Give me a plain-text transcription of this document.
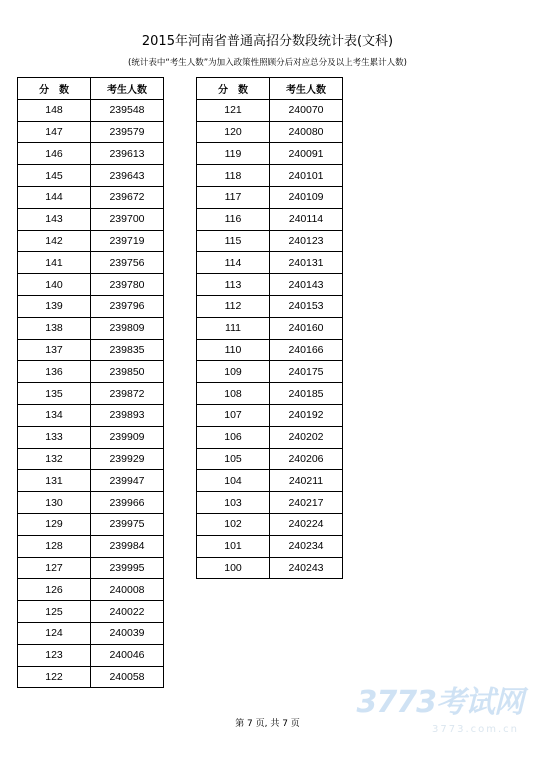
2015年河南省普通高招分数段统计表(文科)
(统计表中“考生人数”为加入政策性照顾分后对应总分及以上考生累计人数)
分　数	考生人数
148	239548
147	239579
146	239613
145	239643
144	239672
143	239700
142	239719
141	239756
140	239780
139	239796
138	239809
137	239835
136	239850
135	239872
134	239893
133	239909
132	239929
131	239947
130	239966
129	239975
128	239984
127	239995
126	240008
125	240022
124	240039
123	240046
122	240058
分　数	考生人数
121	240070
120	240080
119	240091
118	240101
117	240109
116	240114
115	240123
114	240131
113	240143
112	240153
111	240160
110	240166
109	240175
108	240185
107	240192
106	240202
105	240206
104	240211
103	240217
102	240224
101	240234
100	240243
第 7 页, 共 7 页
3773考试网
3773.com.cn
